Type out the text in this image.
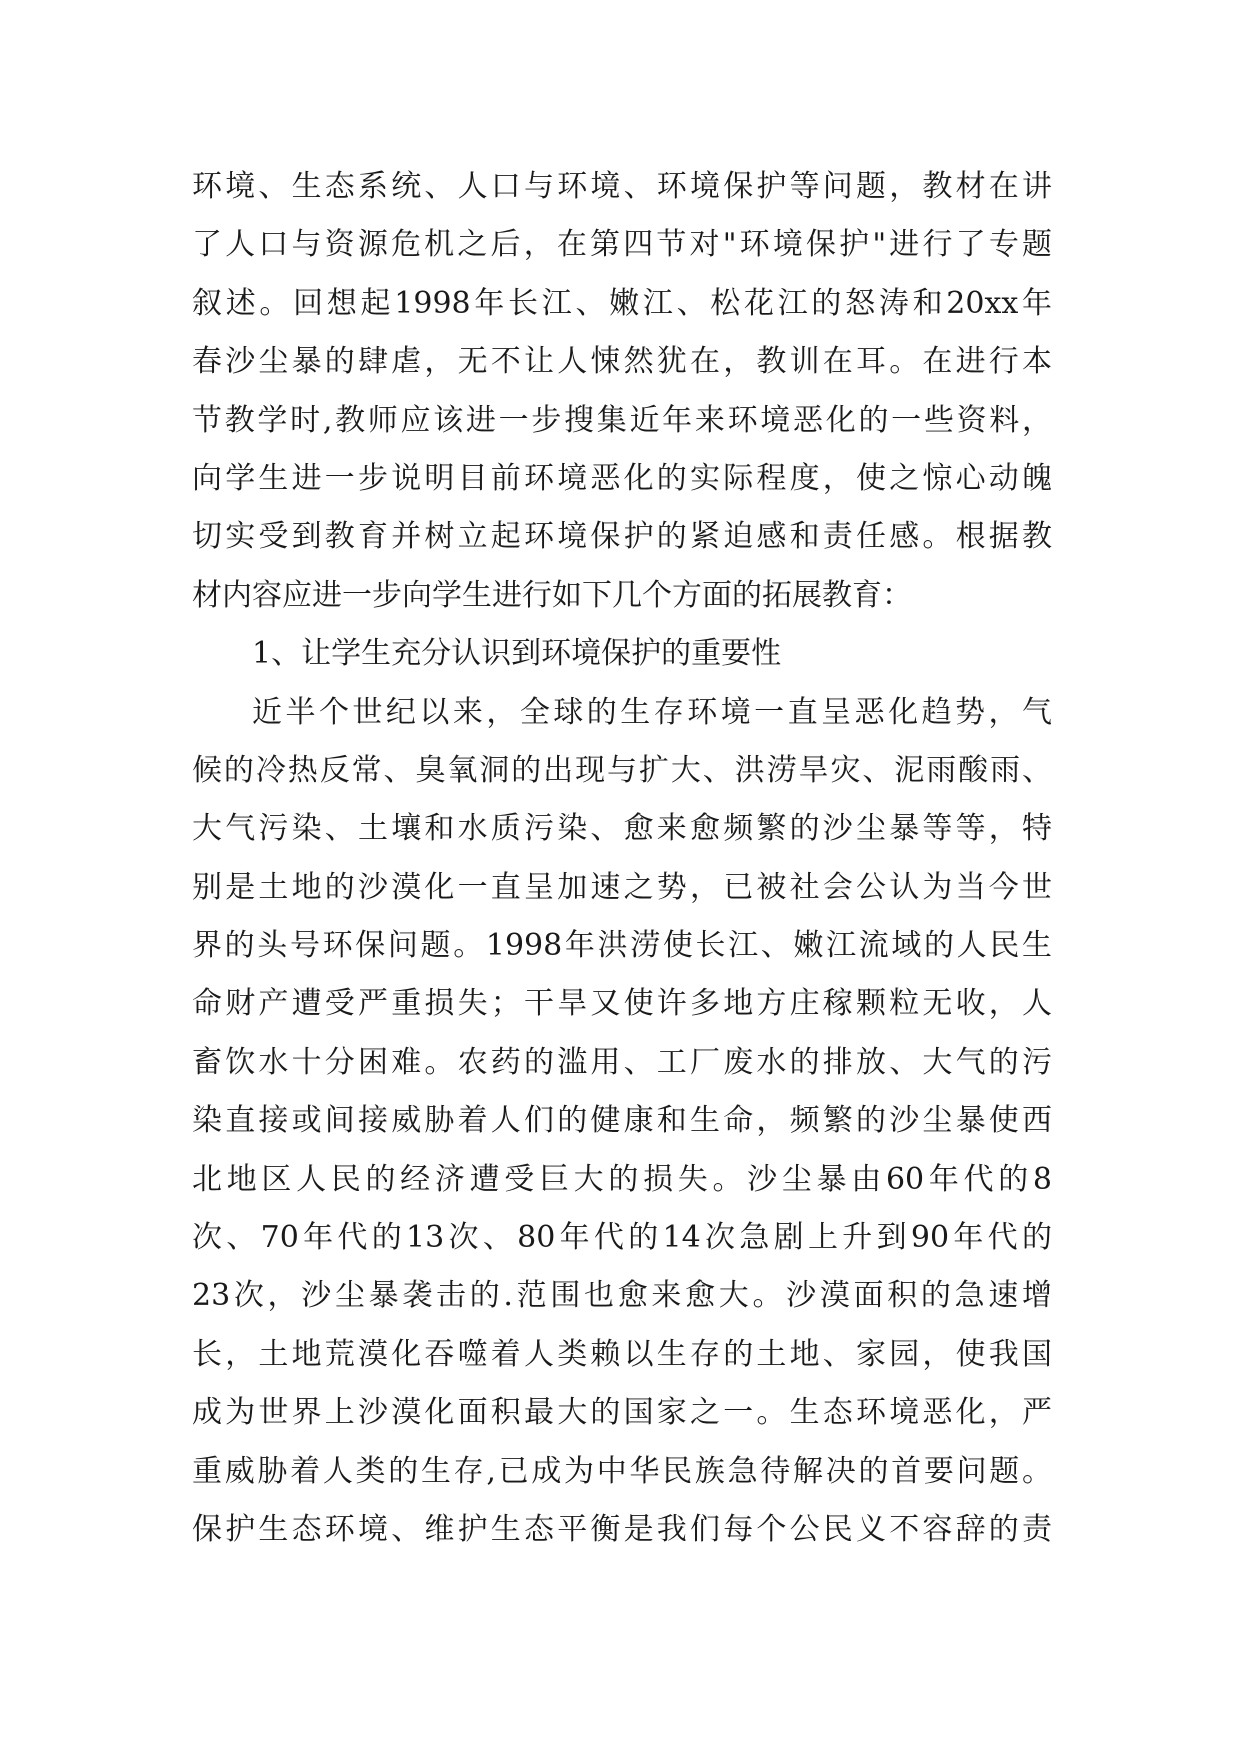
环境、生态系统、人口与环境、环境保护等问题，教材在讲
了人口与资源危机之后，在第四节对"环境保护"进行了专题
叙述。回想起1998年长江、嫩江、松花江的怒涛和20xx年
春沙尘暴的肆虐，无不让人悚然犹在，教训在耳。在进行本
节教学时,教师应该进一步搜集近年来环境恶化的一些资料，
向学生进一步说明目前环境恶化的实际程度，使之惊心动魄
切实受到教育并树立起环境保护的紧迫感和责任感。根据教
材内容应进一步向学生进行如下几个方面的拓展教育：
1、让学生充分认识到环境保护的重要性
近半个世纪以来，全球的生存环境一直呈恶化趋势，气
候的冷热反常、臭氧洞的出现与扩大、洪涝旱灾、泥雨酸雨、
大气污染、土壤和水质污染、愈来愈频繁的沙尘暴等等，特
别是土地的沙漠化一直呈加速之势，已被社会公认为当今世
界的头号环保问题。1998年洪涝使长江、嫩江流域的人民生
命财产遭受严重损失；干旱又使许多地方庄稼颗粒无收，人
畜饮水十分困难。农药的滥用、工厂废水的排放、大气的污
染直接或间接威胁着人们的健康和生命，频繁的沙尘暴使西
北地区人民的经济遭受巨大的损失。沙尘暴由60年代的8
次、70年代的13次、80年代的14次急剧上升到90年代的
23次，沙尘暴袭击的.范围也愈来愈大。沙漠面积的急速增
长，土地荒漠化吞噬着人类赖以生存的土地、家园，使我国
成为世界上沙漠化面积最大的国家之一。生态环境恶化，严
重威胁着人类的生存,已成为中华民族急待解决的首要问题。
保护生态环境、维护生态平衡是我们每个公民义不容辞的责
